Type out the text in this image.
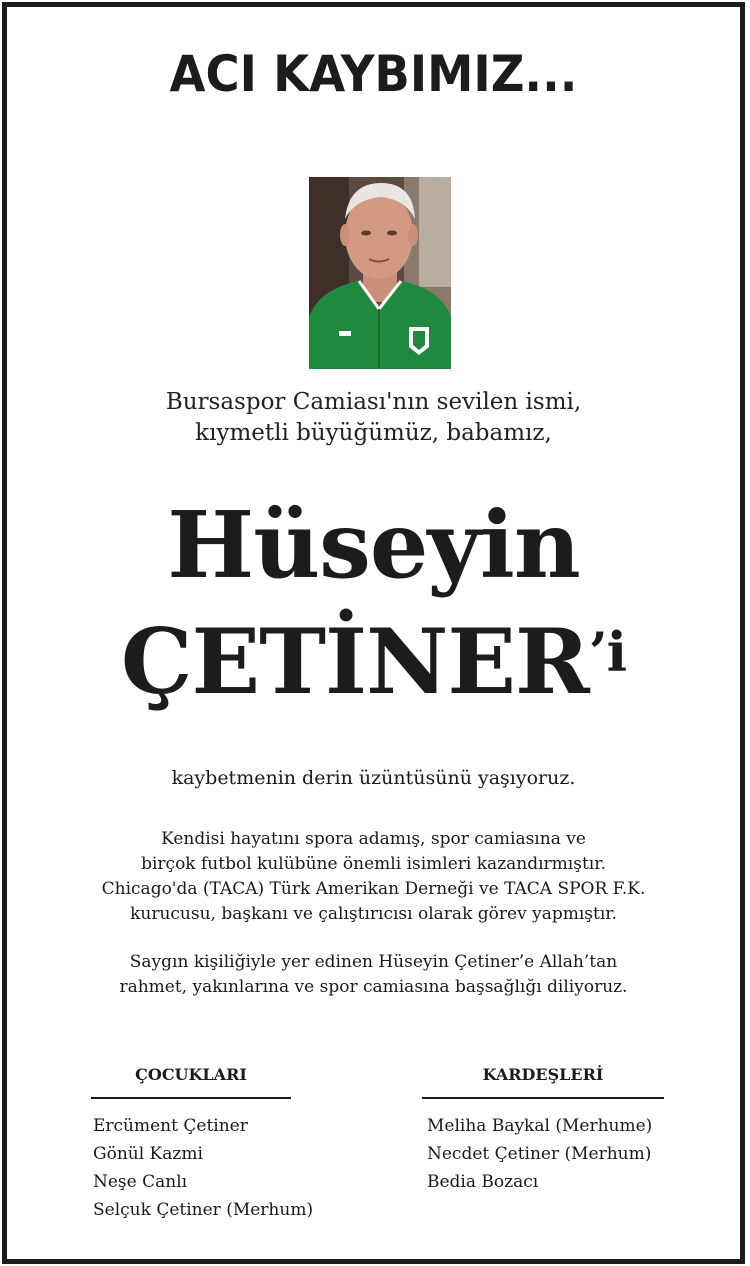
ACI KAYBIMIZ...
Bursaspor Camiası'nın sevilen ismi,
kıymetli büyüğümüz, babamız,
Hüseyin
$ÇETİNER^{’i}$
kaybetmenin derin üzüntüsünü yaşıyoruz.
Kendisi hayatını spora adamış, spor camiasına ve
birçok futbol kulübüne önemli isimleri kazandırmıştır.
Chicago'da (TACA) Türk Amerikan Derneği ve TACA SPOR F.K.
kurucusu, başkanı ve çalıştırıcısı olarak görev yapmıştır.
Saygın kişiliğiyle yer edinen Hüseyin Çetiner’e Allah’tan
rahmet, yakınlarına ve spor camiasına başsağlığı diliyoruz.
ÇOCUKLARI
Ercüment Çetiner
Gönül Kazmi
Neşe Canlı
Selçuk Çetiner (Merhum)
KARDEŞLERİ
Meliha Baykal (Merhume)
Necdet Çetiner (Merhum)
Bedia Bozacı
